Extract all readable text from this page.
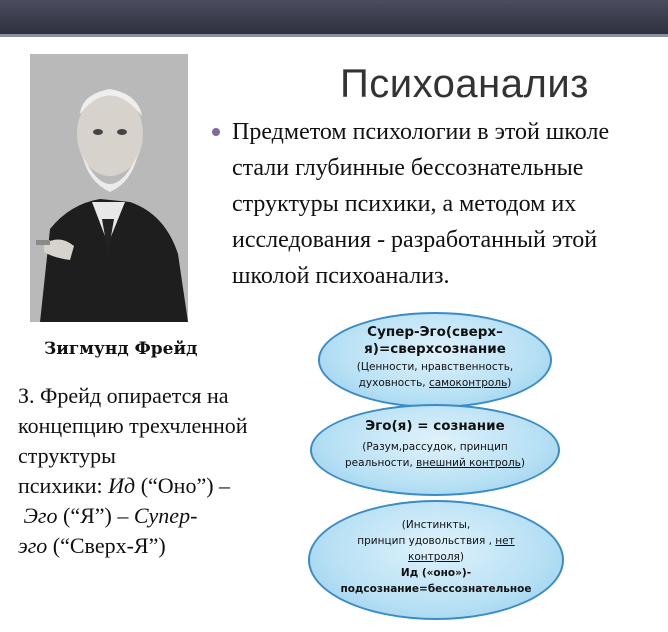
Зигмунд Фрейд
Психоанализ
Предметом психологии в этой школе стали глубинные бессознательные структуры психики, а методом их исследования - разработанный этой школой психоанализ.
З. Фрейд опирается на
концепцию трехчленной
структуры
психики: Ид (“Оно”) –
Эго (“Я”) – Супер-
эго (“Сверх-Я”)
Супер-Эго(сверх–
я)=сверхсознание
(Ценности, нравственность,
духовность, самоконтроль)
Эго(я) = сознание
(Разум,рассудок, принцип
реальности, внешний контроль)
(Инстинкты,
принцип удовольствия , нет
контроля)
Ид («оно»)-
подсознание=бессознательное
